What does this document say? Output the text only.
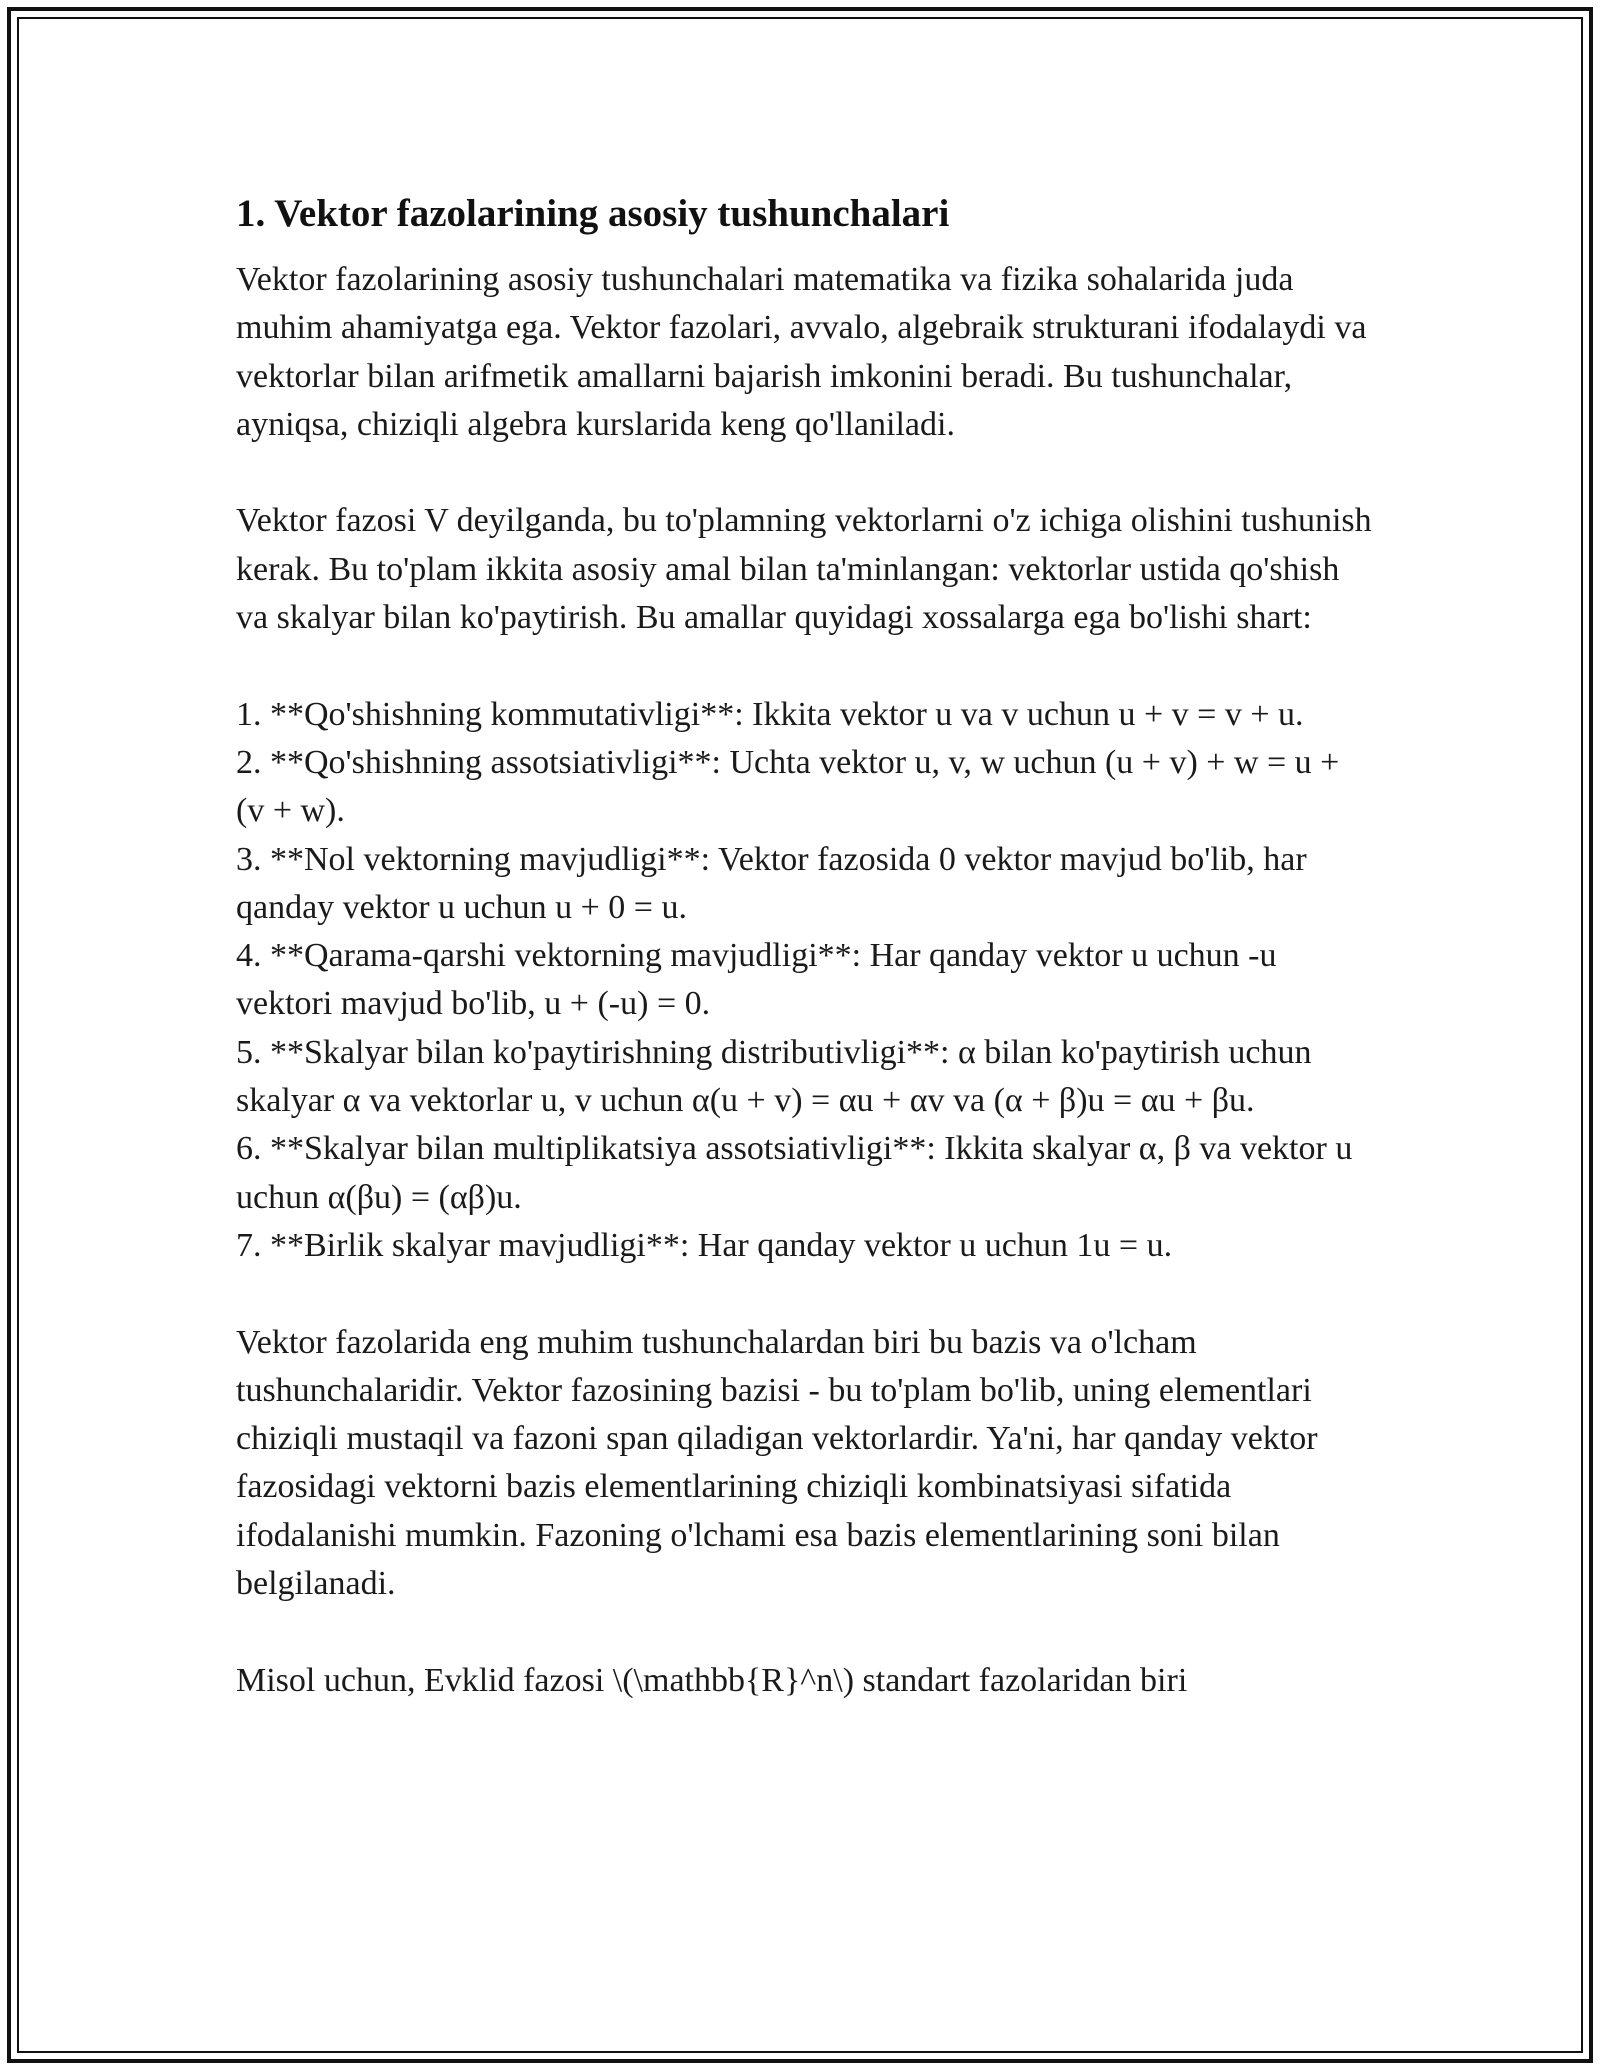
1. Vektor fazolarining asosiy tushunchalari

Vektor fazolarining asosiy tushunchalari matematika va fizika sohalarida juda muhim ahamiyatga ega. Vektor fazolari, avvalo, algebraik strukturani ifodalaydi va vektorlar bilan arifmetik amallarni bajarish imkonini beradi. Bu tushunchalar, ayniqsa, chiziqli algebra kurslarida keng qo'llaniladi.

Vektor fazosi V deyilganda, bu to'plamning vektorlarni o'z ichiga olishini tushunish kerak. Bu to'plam ikkita asosiy amal bilan ta'minlangan: vektorlar ustida qo'shish va skalyar bilan ko'paytirish. Bu amallar quyidagi xossalarga ega bo'lishi shart:

1. **Qo'shishning kommutativligi**: Ikkita vektor u va v uchun u + v = v + u.
2. **Qo'shishning assotsiativligi**: Uchta vektor u, v, w uchun (u + v) + w = u + (v + w).
3. **Nol vektorning mavjudligi**: Vektor fazosida 0 vektor mavjud bo'lib, har qanday vektor u uchun u + 0 = u.
4. **Qarama-qarshi vektorning mavjudligi**: Har qanday vektor u uchun -u vektori mavjud bo'lib, u + (-u) = 0.
5. **Skalyar bilan ko'paytirishning distributivligi**: α bilan ko'paytirish uchun skalyar α va vektorlar u, v uchun α(u + v) = αu + αv va (α + β)u = αu + βu.
6. **Skalyar bilan multiplikatsiya assotsiativligi**: Ikkita skalyar α, β va vektor u uchun α(βu) = (αβ)u.
7. **Birlik skalyar mavjudligi**: Har qanday vektor u uchun 1u = u.

Vektor fazolarida eng muhim tushunchalardan biri bu bazis va o'lcham tushunchalaridir. Vektor fazosining bazisi - bu to'plam bo'lib, uning elementlari chiziqli mustaqil va fazoni span qiladigan vektorlardir. Ya'ni, har qanday vektor fazosidagi vektorni bazis elementlarining chiziqli kombinatsiyasi sifatida ifodalanishi mumkin. Fazoning o'lchami esa bazis elementlarining soni bilan belgilanadi.

Misol uchun, Evklid fazosi \(\mathbb{R}^n\) standart fazolaridan biri
